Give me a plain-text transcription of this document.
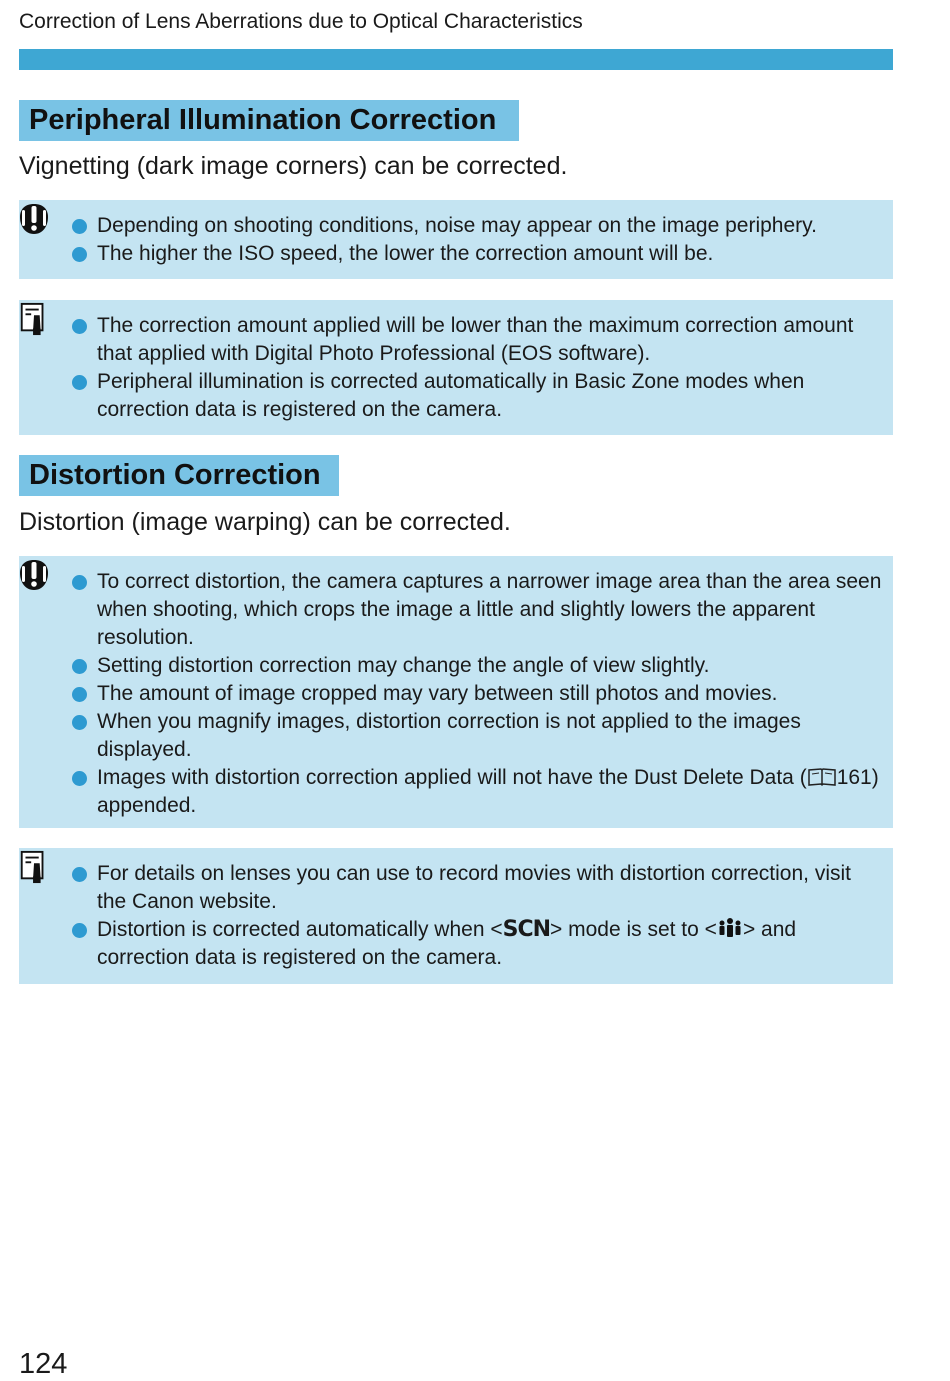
Correction of Lens Aberrations due to Optical Characteristics
Peripheral Illumination Correction
Vignetting (dark image corners) can be corrected.
Depending on shooting conditions, noise may appear on the image periphery.
The higher the ISO speed, the lower the correction amount will be.
The correction amount applied will be lower than the maximum correction amount that applied with Digital Photo Professional (EOS software).
Peripheral illumination is corrected automatically in Basic Zone modes when correction data is registered on the camera.
Distortion Correction
Distortion (image warping) can be corrected.
To correct distortion, the camera captures a narrower image area than the area seen when shooting, which crops the image a little and slightly lowers the apparent resolution.
Setting distortion correction may change the angle of view slightly.
The amount of image cropped may vary between still photos and movies.
When you magnify images, distortion correction is not applied to the images displayed.
Images with distortion correction applied will not have the Dust Delete Data ( 161) appended.
For details on lenses you can use to record movies with distortion correction, visit the Canon website.
Distortion is corrected automatically when <SCN> mode is set to < > and correction data is registered on the camera.
124
